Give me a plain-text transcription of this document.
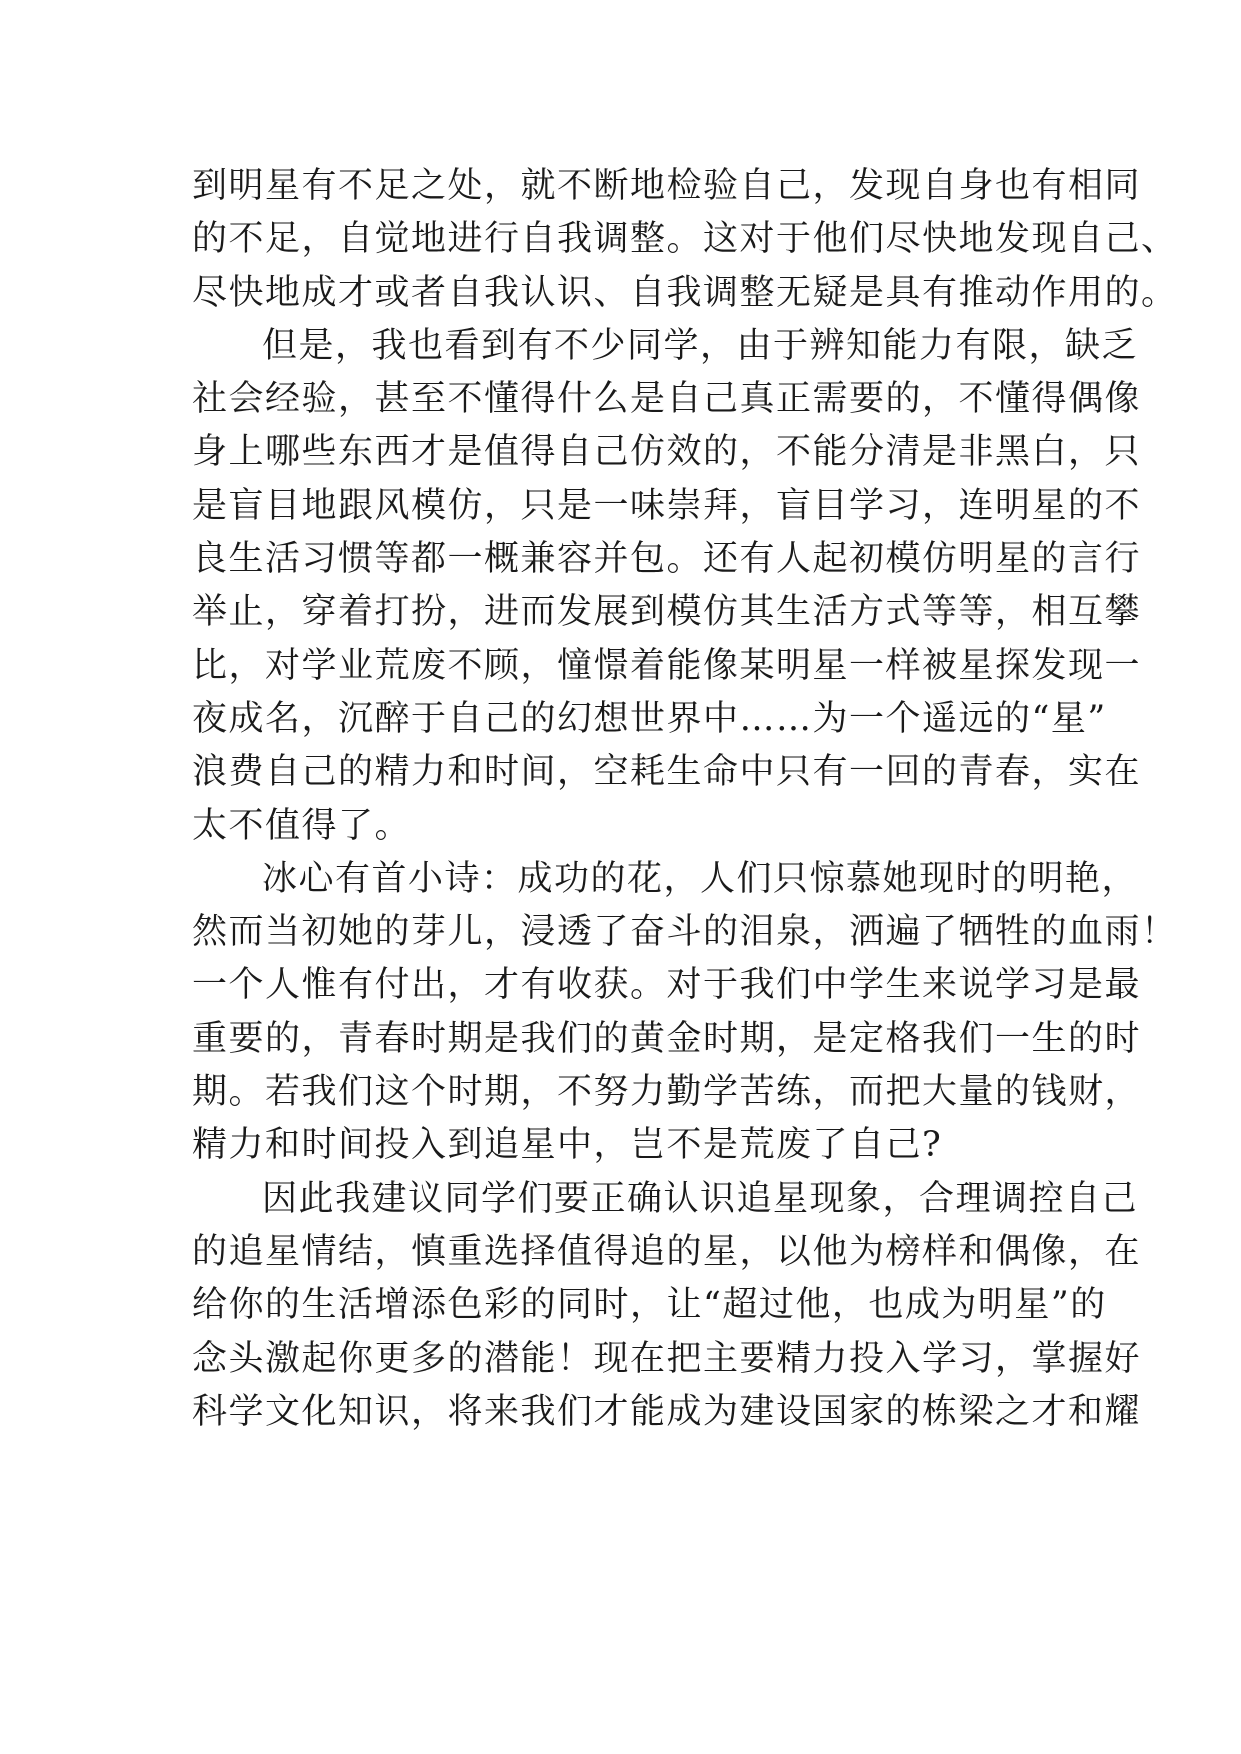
到明星有不足之处，就不断地检验自己，发现自身也有相同
的不足，自觉地进行自我调整。这对于他们尽快地发现自己、
尽快地成才或者自我认识、自我调整无疑是具有推动作用的。
但是，我也看到有不少同学，由于辨知能力有限，缺乏
社会经验，甚至不懂得什么是自己真正需要的，不懂得偶像
身上哪些东西才是值得自己仿效的，不能分清是非黑白，只
是盲目地跟风模仿，只是一味崇拜，盲目学习，连明星的不
良生活习惯等都一概兼容并包。还有人起初模仿明星的言行
举止，穿着打扮，进而发展到模仿其生活方式等等，相互攀
比，对学业荒废不顾，憧憬着能像某明星一样被星探发现一
夜成名，沉醉于自己的幻想世界中……为一个遥远的“星”
浪费自己的精力和时间，空耗生命中只有一回的青春，实在
太不值得了。
冰心有首小诗：成功的花，人们只惊慕她现时的明艳，
然而当初她的芽儿，浸透了奋斗的泪泉，洒遍了牺牲的血雨！
一个人惟有付出，才有收获。对于我们中学生来说学习是最
重要的，青春时期是我们的黄金时期，是定格我们一生的时
期。若我们这个时期，不努力勤学苦练，而把大量的钱财，
精力和时间投入到追星中，岂不是荒废了自己?
因此我建议同学们要正确认识追星现象，合理调控自己
的追星情结，慎重选择值得追的星，以他为榜样和偶像，在
给你的生活增添色彩的同时，让“超过他，也成为明星”的
念头激起你更多的潜能！现在把主要精力投入学习，掌握好
科学文化知识，将来我们才能成为建设国家的栋梁之才和耀
